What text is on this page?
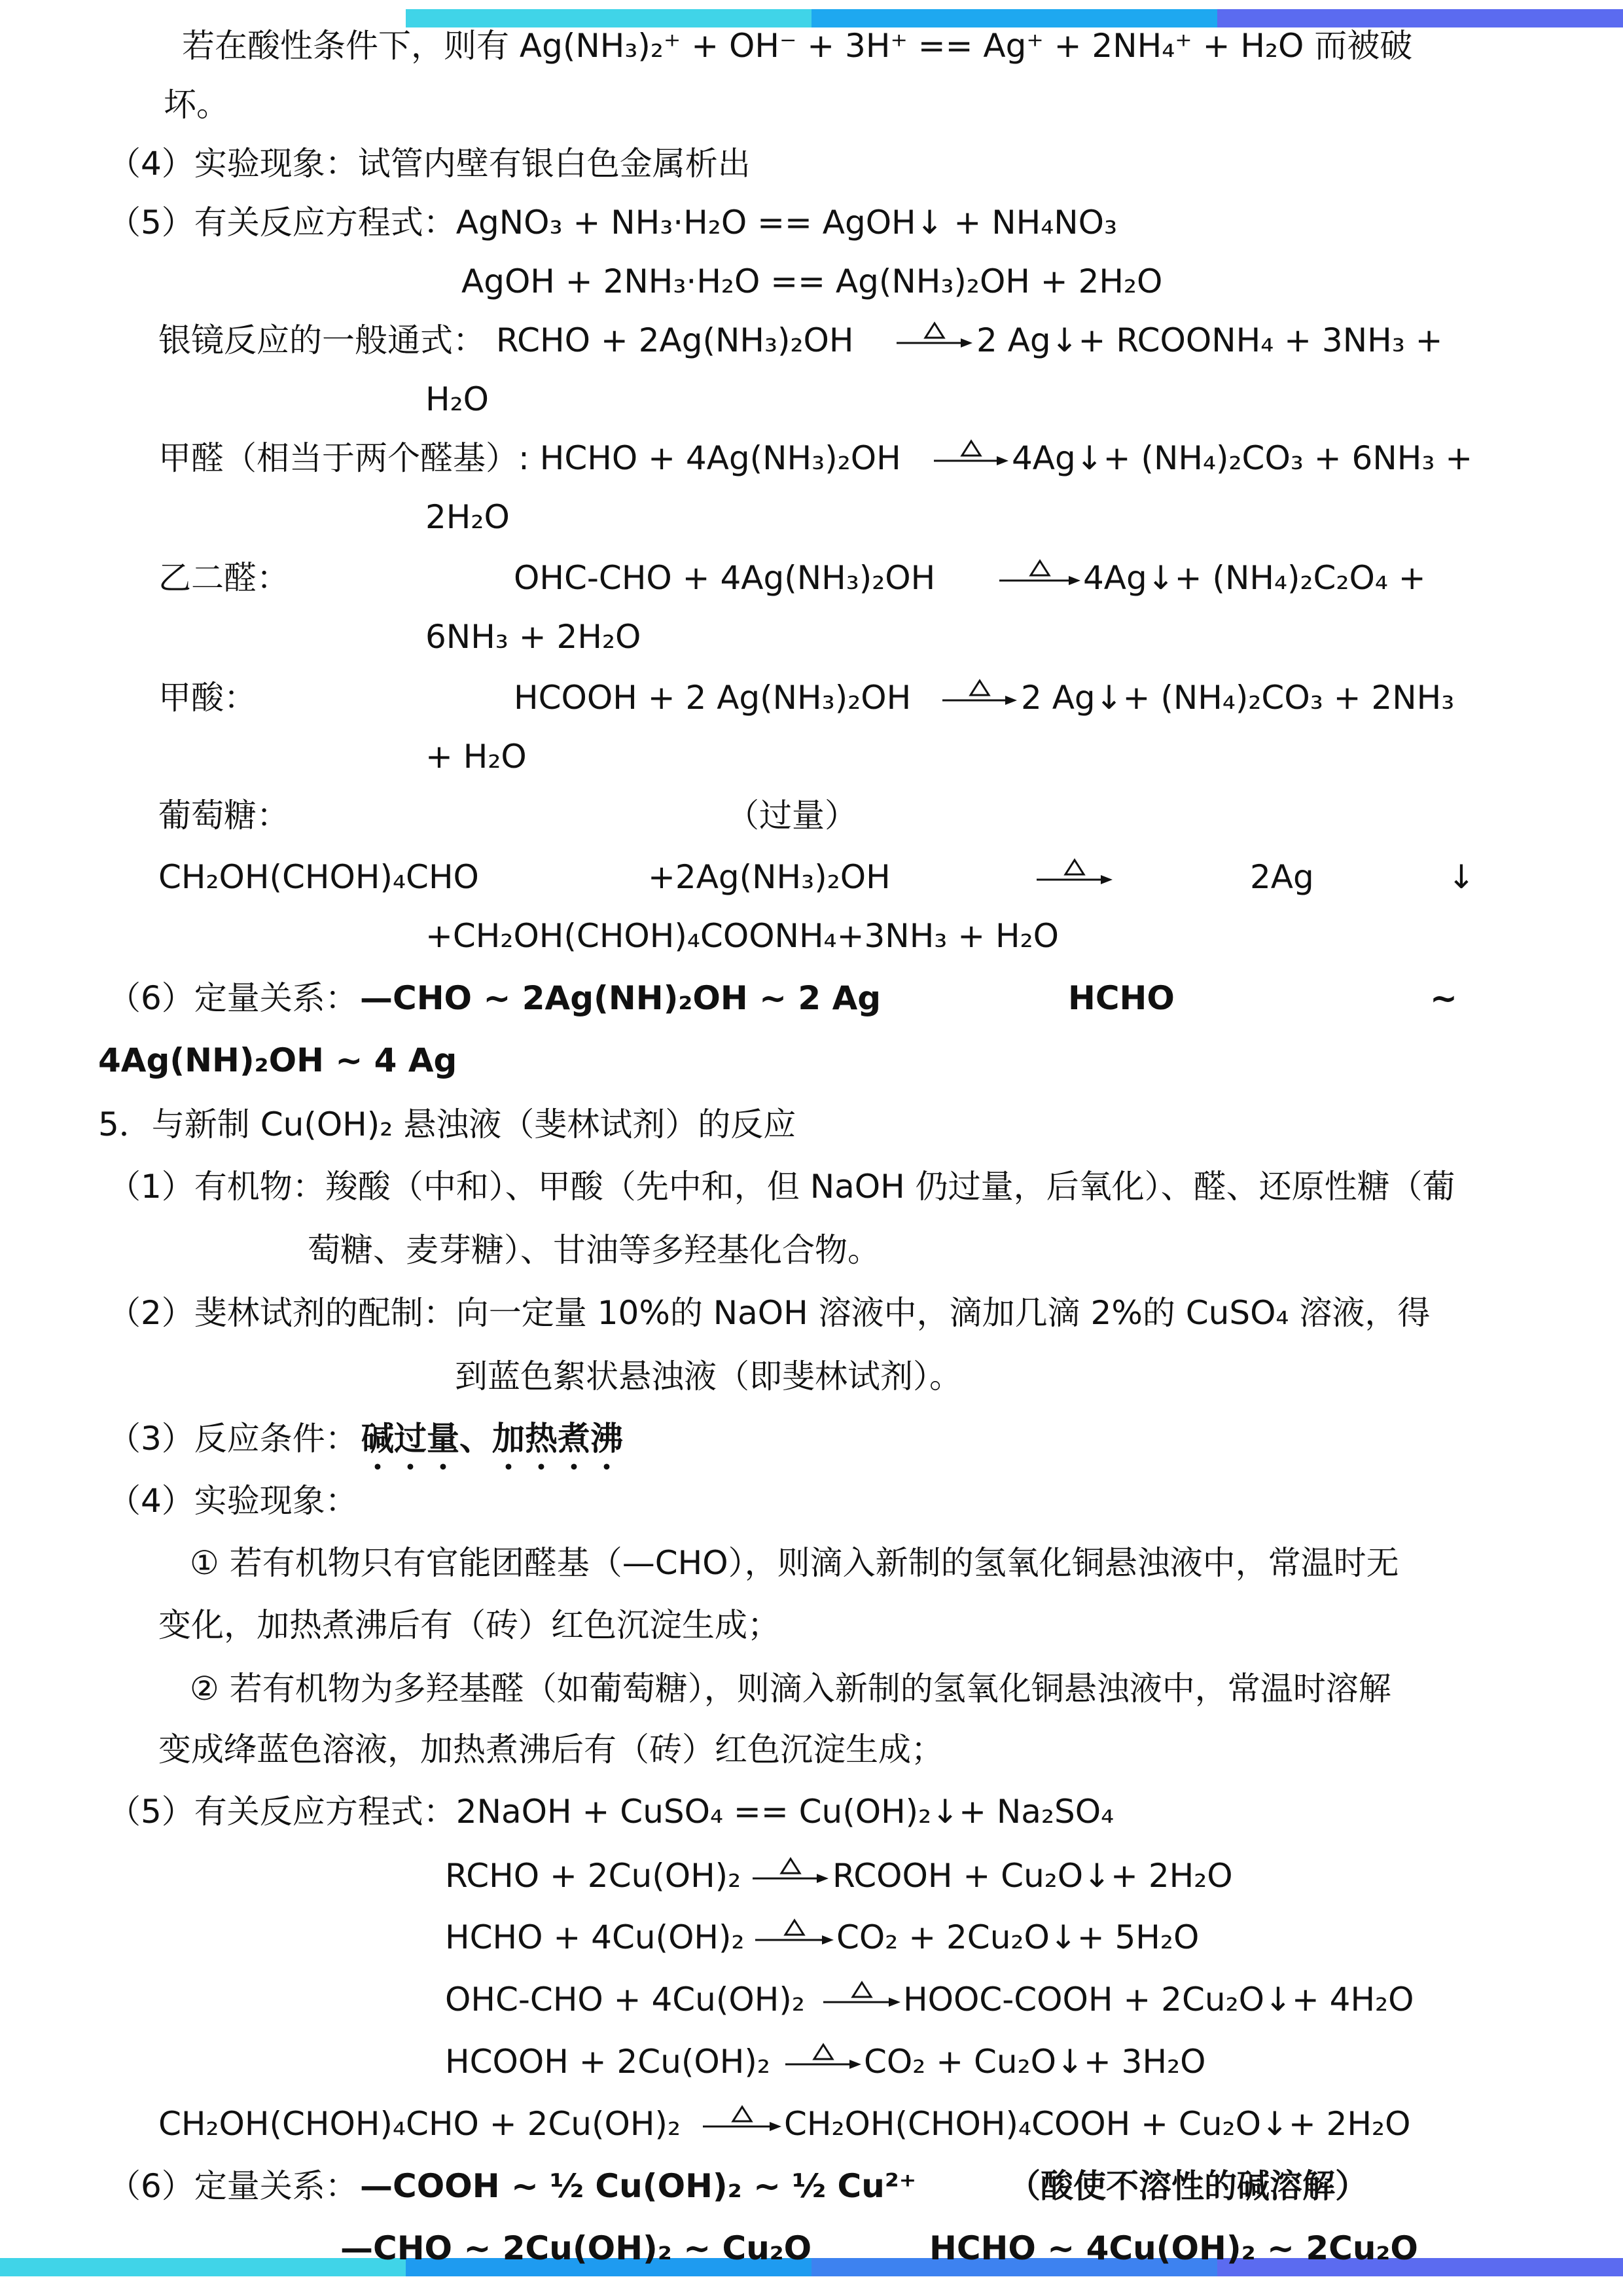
若在酸性条件下，则有 Ag(NH₃)₂⁺ + OH⁻ + 3H⁺ == Ag⁺ + 2NH₄⁺ + H₂O 而被破
坏。
（4）实验现象：试管内壁有银白色金属析出
（5）有关反应方程式：AgNO₃ + NH₃·H₂O == AgOH↓ + NH₄NO₃
AgOH + 2NH₃·H₂O == Ag(NH₃)₂OH + 2H₂O
银镜反应的一般通式： RCHO + 2Ag(NH₃)₂OH	2 Ag↓+ RCOONH₄ + 3NH₃ +
H₂O
甲醛（相当于两个醛基）: HCHO + 4Ag(NH₃)₂OH	4Ag↓+ (NH₄)₂CO₃ + 6NH₃ +
2H₂O
乙二醛：	OHC-CHO + 4Ag(NH₃)₂OH	4Ag↓+ (NH₄)₂C₂O₄ +
6NH₃ + 2H₂O
甲酸：	HCOOH + 2 Ag(NH₃)₂OH	2 Ag↓+ (NH₄)₂CO₃ + 2NH₃
+ H₂O
葡萄糖：	（过量）
CH₂OH(CHOH)₄CHO	+2Ag(NH₃)₂OH	2Ag	↓
+CH₂OH(CHOH)₄COONH₄+3NH₃ + H₂O
（6）定量关系： —CHO ~ 2Ag(NH)₂OH ~ 2 Ag	HCHO	~
4Ag(NH)₂OH ~ 4 Ag
5．与新制 Cu(OH)₂ 悬浊液（斐林试剂）的反应
（1）有机物：羧酸（中和）、甲酸（先中和，但 NaOH 仍过量，后氧化）、醛、还原性糖（葡
萄糖、麦芽糖）、甘油等多羟基化合物。
（2）斐林试剂的配制：向一定量 10%的 NaOH 溶液中，滴加几滴 2%的 CuSO₄ 溶液，得
到蓝色絮状悬浊液（即斐林试剂）。
（3）反应条件： 碱过量、加热煮沸
（4）实验现象：
① 若有机物只有官能团醛基（—CHO），则滴入新制的氢氧化铜悬浊液中，常温时无
变化，加热煮沸后有（砖）红色沉淀生成；
② 若有机物为多羟基醛（如葡萄糖），则滴入新制的氢氧化铜悬浊液中，常温时溶解
变成绛蓝色溶液，加热煮沸后有（砖）红色沉淀生成；
（5）有关反应方程式：2NaOH + CuSO₄ == Cu(OH)₂↓+ Na₂SO₄
RCHO + 2Cu(OH)₂	RCOOH + Cu₂O↓+ 2H₂O
HCHO + 4Cu(OH)₂	CO₂ + 2Cu₂O↓+ 5H₂O
OHC-CHO + 4Cu(OH)₂	HOOC-COOH + 2Cu₂O↓+ 4H₂O
HCOOH + 2Cu(OH)₂	CO₂ + Cu₂O↓+ 3H₂O
CH₂OH(CHOH)₄CHO + 2Cu(OH)₂	CH₂OH(CHOH)₄COOH + Cu₂O↓+ 2H₂O
（6）定量关系： —COOH ~ ½ Cu(OH)₂ ~ ½ Cu²⁺	（酸使不溶性的碱溶解）
—CHO ~ 2Cu(OH)₂ ~ Cu₂O	HCHO ~ 4Cu(OH)₂ ~ 2Cu₂O
